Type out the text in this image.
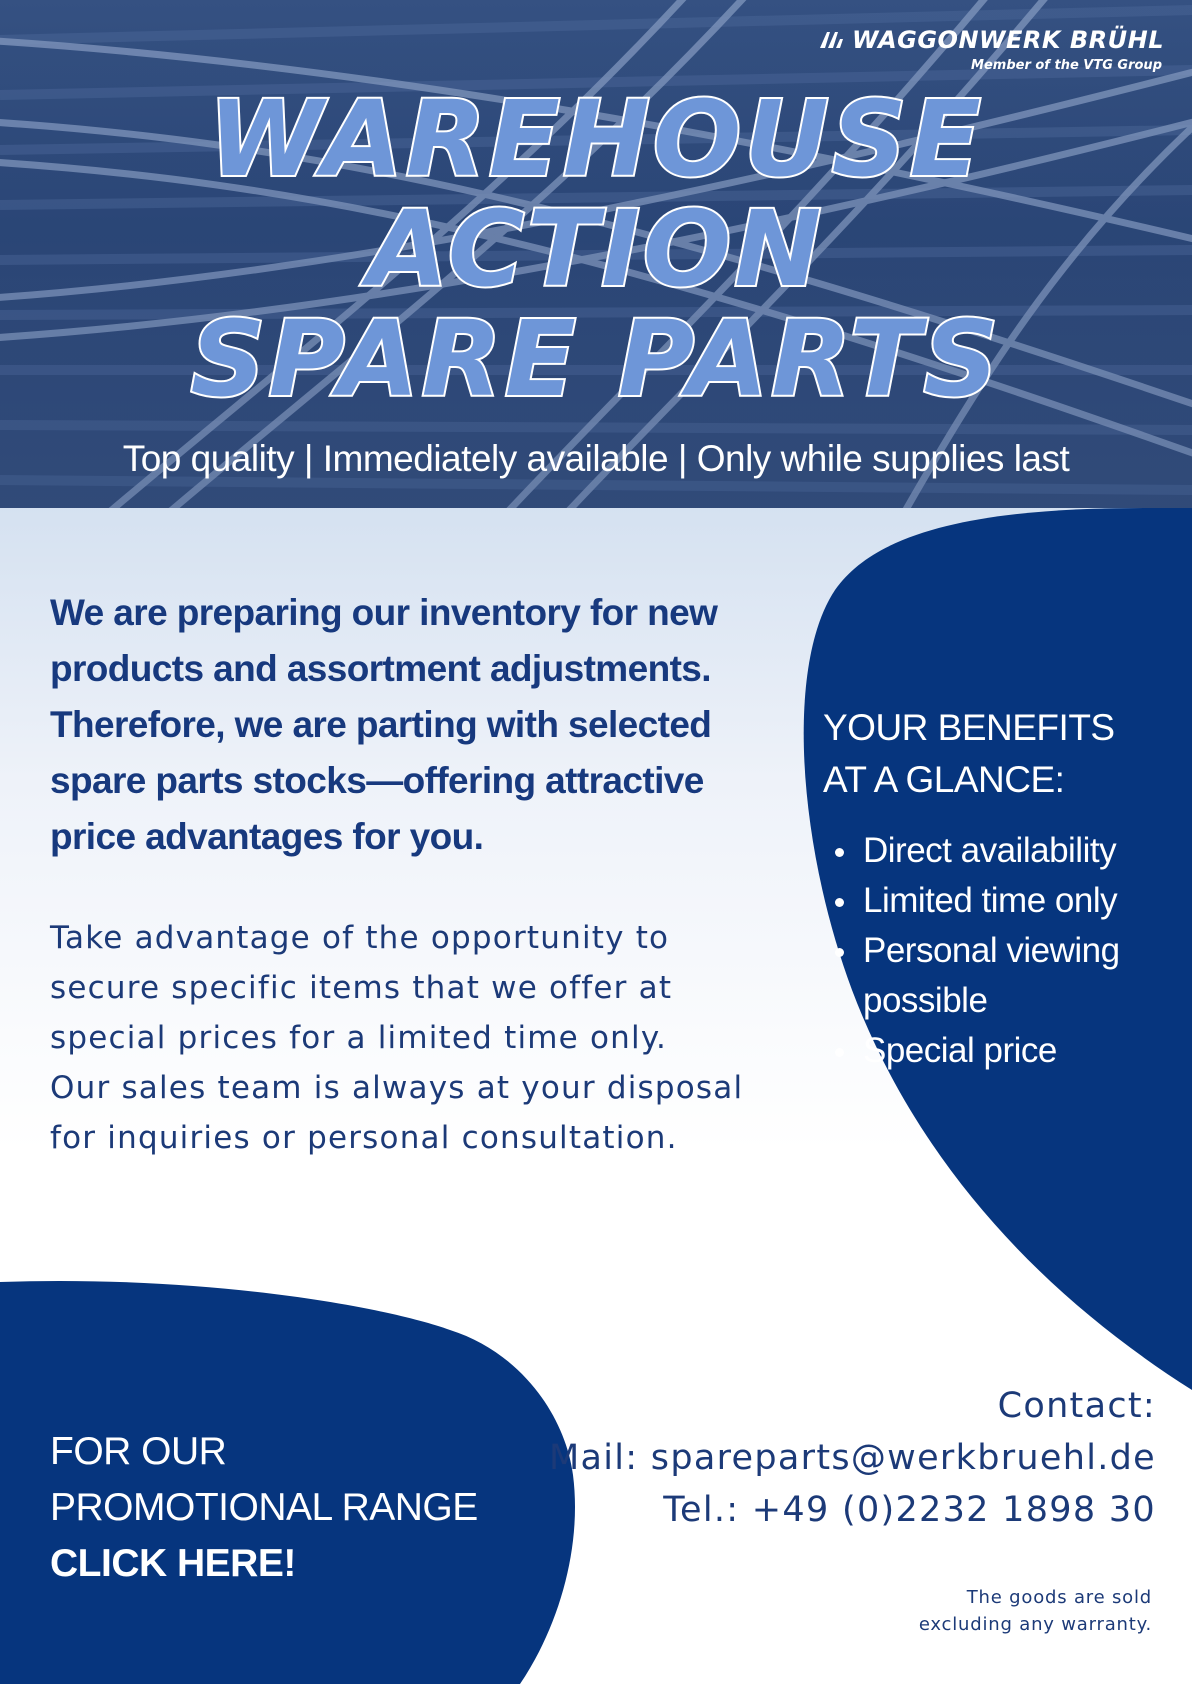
WAGGONWERK BRÜHL
Member of the VTG Group
WAREHOUSE
ACTION
SPARE PARTS
Top quality | Immediately available | Only while supplies last
We are preparing our inventory for new products and assortment adjustments. Therefore, we are parting with selected spare parts stocks—offering attractive price advantages for you.
Take advantage of the opportunity to
secure specific items that we offer at
special prices for a limited time only.
Our sales team is always at your disposal
for inquiries or personal consultation.
YOUR BENEFITS
AT A GLANCE:
Direct availability
Limited time only
Personal viewing possible
Special price
FOR OUR
PROMOTIONAL RANGE
CLICK HERE!
Contact:
Mail: spareparts@werkbruehl.de
Tel.: +49 (0)2232 1898 30
The goods are sold
excluding any warranty.
